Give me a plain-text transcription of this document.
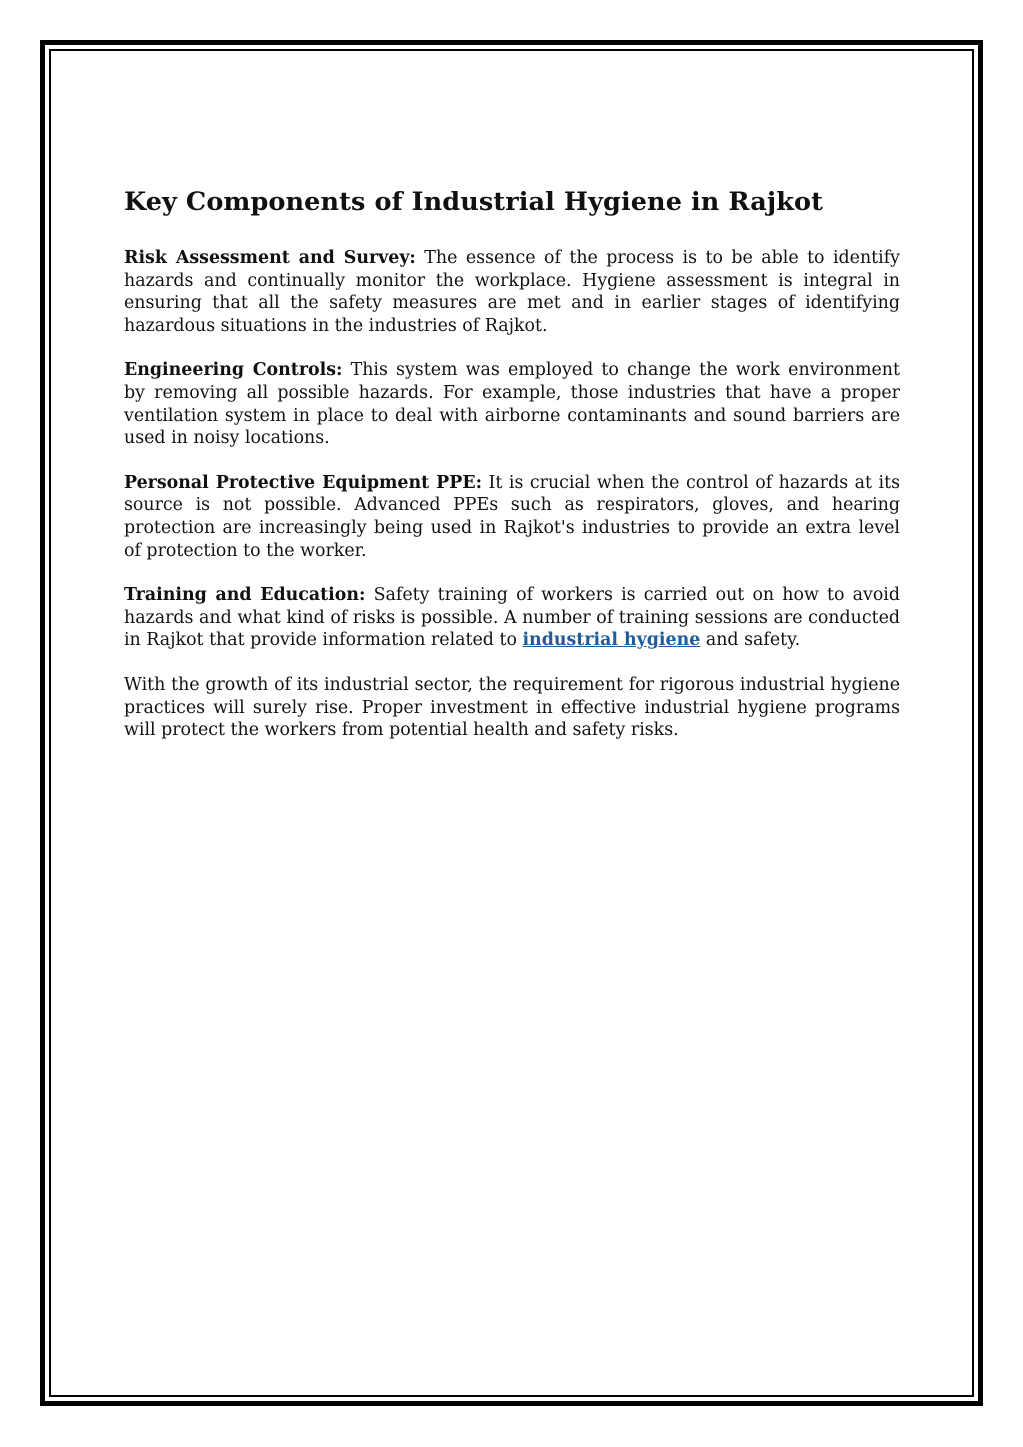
Key Components of Industrial Hygiene in Rajkot

Risk Assessment and Survey: The essence of the process is to be able to identify hazards and continually monitor the workplace. Hygiene assessment is integral in ensuring that all the safety measures are met and in earlier stages of identifying hazardous situations in the industries of Rajkot.

Engineering Controls: This system was employed to change the work environment by removing all possible hazards. For example, those industries that have a proper ventilation system in place to deal with airborne contaminants and sound barriers are used in noisy locations.

Personal Protective Equipment PPE: It is crucial when the control of hazards at its source is not possible. Advanced PPEs such as respirators, gloves, and hearing protection are increasingly being used in Rajkot's industries to provide an extra level of protection to the worker.

Training and Education: Safety training of workers is carried out on how to avoid hazards and what kind of risks is possible. A number of training sessions are conducted in Rajkot that provide information related to industrial hygiene and safety.

With the growth of its industrial sector, the requirement for rigorous industrial hygiene practices will surely rise. Proper investment in effective industrial hygiene programs will protect the workers from potential health and safety risks.
